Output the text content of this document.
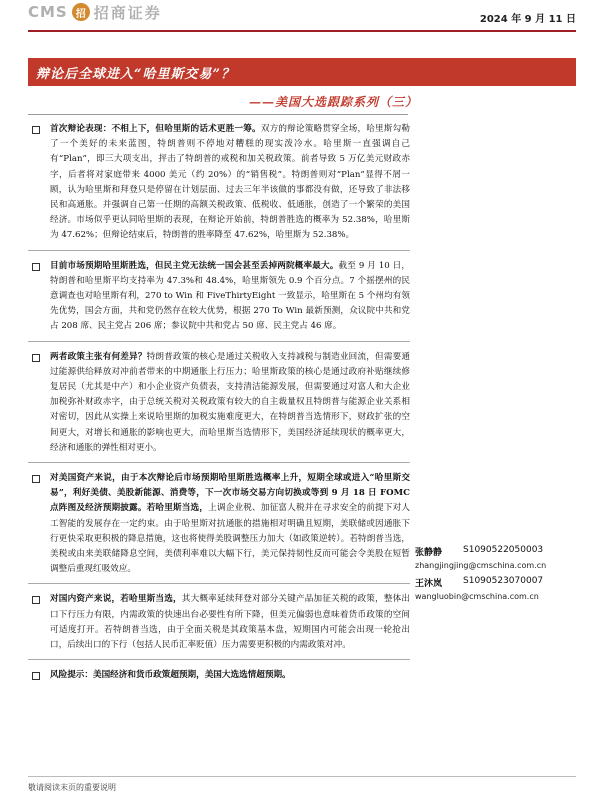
CMS 招 招商证券	2024 年 9 月 11 日
辩论后全球进入“哈里斯交易”？
——美国大选跟踪系列（三）
首次辩论表现：不相上下，但哈里斯的话术更胜一筹。双方的辩论策略贯穿全场，哈里斯勾勒了一个美好的未来蓝图，特朗普则不停地对糟糕的现实泼冷水。哈里斯一直强调自己有“Plan”，即三大项支出，抨击了特朗普的戒税和加关税政策。前者导致 5 万亿美元财政赤字，后者将对家庭带来 4000 美元（约 20%）的“销售税”。特朗普则对“Plan”显得不屑一顾，认为哈里斯和拜登只是停留在计划层面、过去三年半该做的事都没有做，还导致了非法移民和高通胀。并强调自己第一任期的高额关税政策、低税收、低通胀，创造了一个繁荣的美国经济。市场似乎更认同哈里斯的表现，在辩论开始前，特朗普胜选的概率为 52.38%，哈里斯为 47.62%；但辩论结束后，特朗普的胜率降至 47.62%，哈里斯为 52.38%。
目前市场预期哈里斯胜选，但民主党无法统一国会甚至丢掉两院概率最大。截至 9 月 10 日，特朗普和哈里斯平均支持率为 47.3%和 48.4%，哈里斯领先 0.9 个百分点。7 个摇摆州的民意调查也对哈里斯有利，270 to Win 和 FiveThirtyEight 一致显示，哈里斯在 5 个州均有领先优势，国会方面，共和党仍然存在较大优势，根据 270 To Win 最新预测，众议院中共和党占 208 席、民主党占 206 席；参议院中共和党占 50 席、民主党占 46 席。
两者政策主张有何差异？特朗普政策的核心是通过关税收入支持减税与制造业回流，但需要通过能源供给释放对冲前者带来的中期通胀上行压力；哈里斯政策的核心是通过政府补贴继续修复居民（尤其是中产）和小企业资产负债表，支持清洁能源发展，但需要通过对富人和大企业加税弥补财政赤字，由于总统关税对关税政策有较大的自主裁量权且特朗普与能源企业关系相对密切，因此从实操上来说哈里斯的加税实施难度更大，在特朗普当选情形下，财政扩张的空间更大，对增长和通胀的影响也更大，而哈里斯当选情形下，美国经济延续现状的概率更大，经济和通胀的弹性相对更小。
对美国资产来说，由于本次辩论后市场预期哈里斯胜选概率上升，短期全球或进入“哈里斯交易”，利好美债、美股新能源、消费等，下一次市场交易方向切换或等到 9 月 18 日 FOMC 点阵图及经济预期披露。若哈里斯当选，上调企业税、加征富人税并在寻求安全的前提下对人工智能的发展存在一定约束。由于哈里斯对抗通胀的措施相对明确且短期，美联储或因通胀下行更快采取更积极的降息措施，这也将使得美股调整压力加大（如政策逆转）。若特朗普当选，美税或由来美联储降息空间，美债利率难以大幅下行，美元保持韧性反而可能会令美股在短暂调整后重现红吸效应。
对国内资产来说，若哈里斯当选，其大概率延续拜登对部分关键产品加征关税的政策，整体出口下行压力有限，内需政策的快速出台必要性有所下降，但美元偏弱也意味着货币政策的空间可适度打开。若特朗普当选，由于全面关税是其政策基本盘，短期国内可能会出现一轮抢出口，后续出口的下行（包括人民币汇率贬值）压力需要更积极的内需政策对冲。
风险提示：美国经济和货币政策超预期，美国大选选情超预期。
张静静	S1090522050003
zhangjingjing@cmschina.com.cn
王沐岚	S1090523070007
wangluobin@cmschina.com.cn
敬请阅读末页的重要说明
